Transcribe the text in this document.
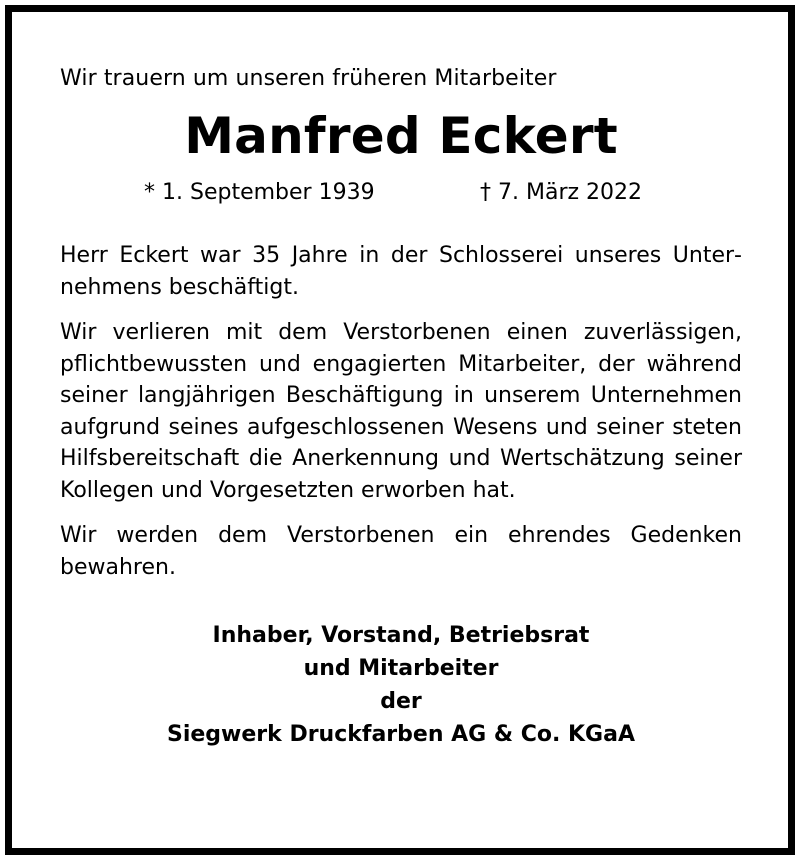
Wir trauern um unseren früheren Mitarbeiter

Manfred Eckert
* 1. September 1939	† 7. März 2022

Herr Eckert war 35 Jahre in der Schlosserei unseres Unternehmens beschäftigt.

Wir verlieren mit dem Verstorbenen einen zuverlässigen, pflichtbewussten und engagierten Mitarbeiter, der während seiner langjährigen Beschäftigung in unserem Unternehmen aufgrund seines aufgeschlossenen Wesens und seiner steten Hilfsbereitschaft die Anerkennung und Wertschätzung seiner Kollegen und Vorgesetzten erworben hat.

Wir werden dem Verstorbenen ein ehrendes Gedenken bewahren.

Inhaber, Vorstand, Betriebsrat
und Mitarbeiter
der
Siegwerk Druckfarben AG & Co. KGaA
